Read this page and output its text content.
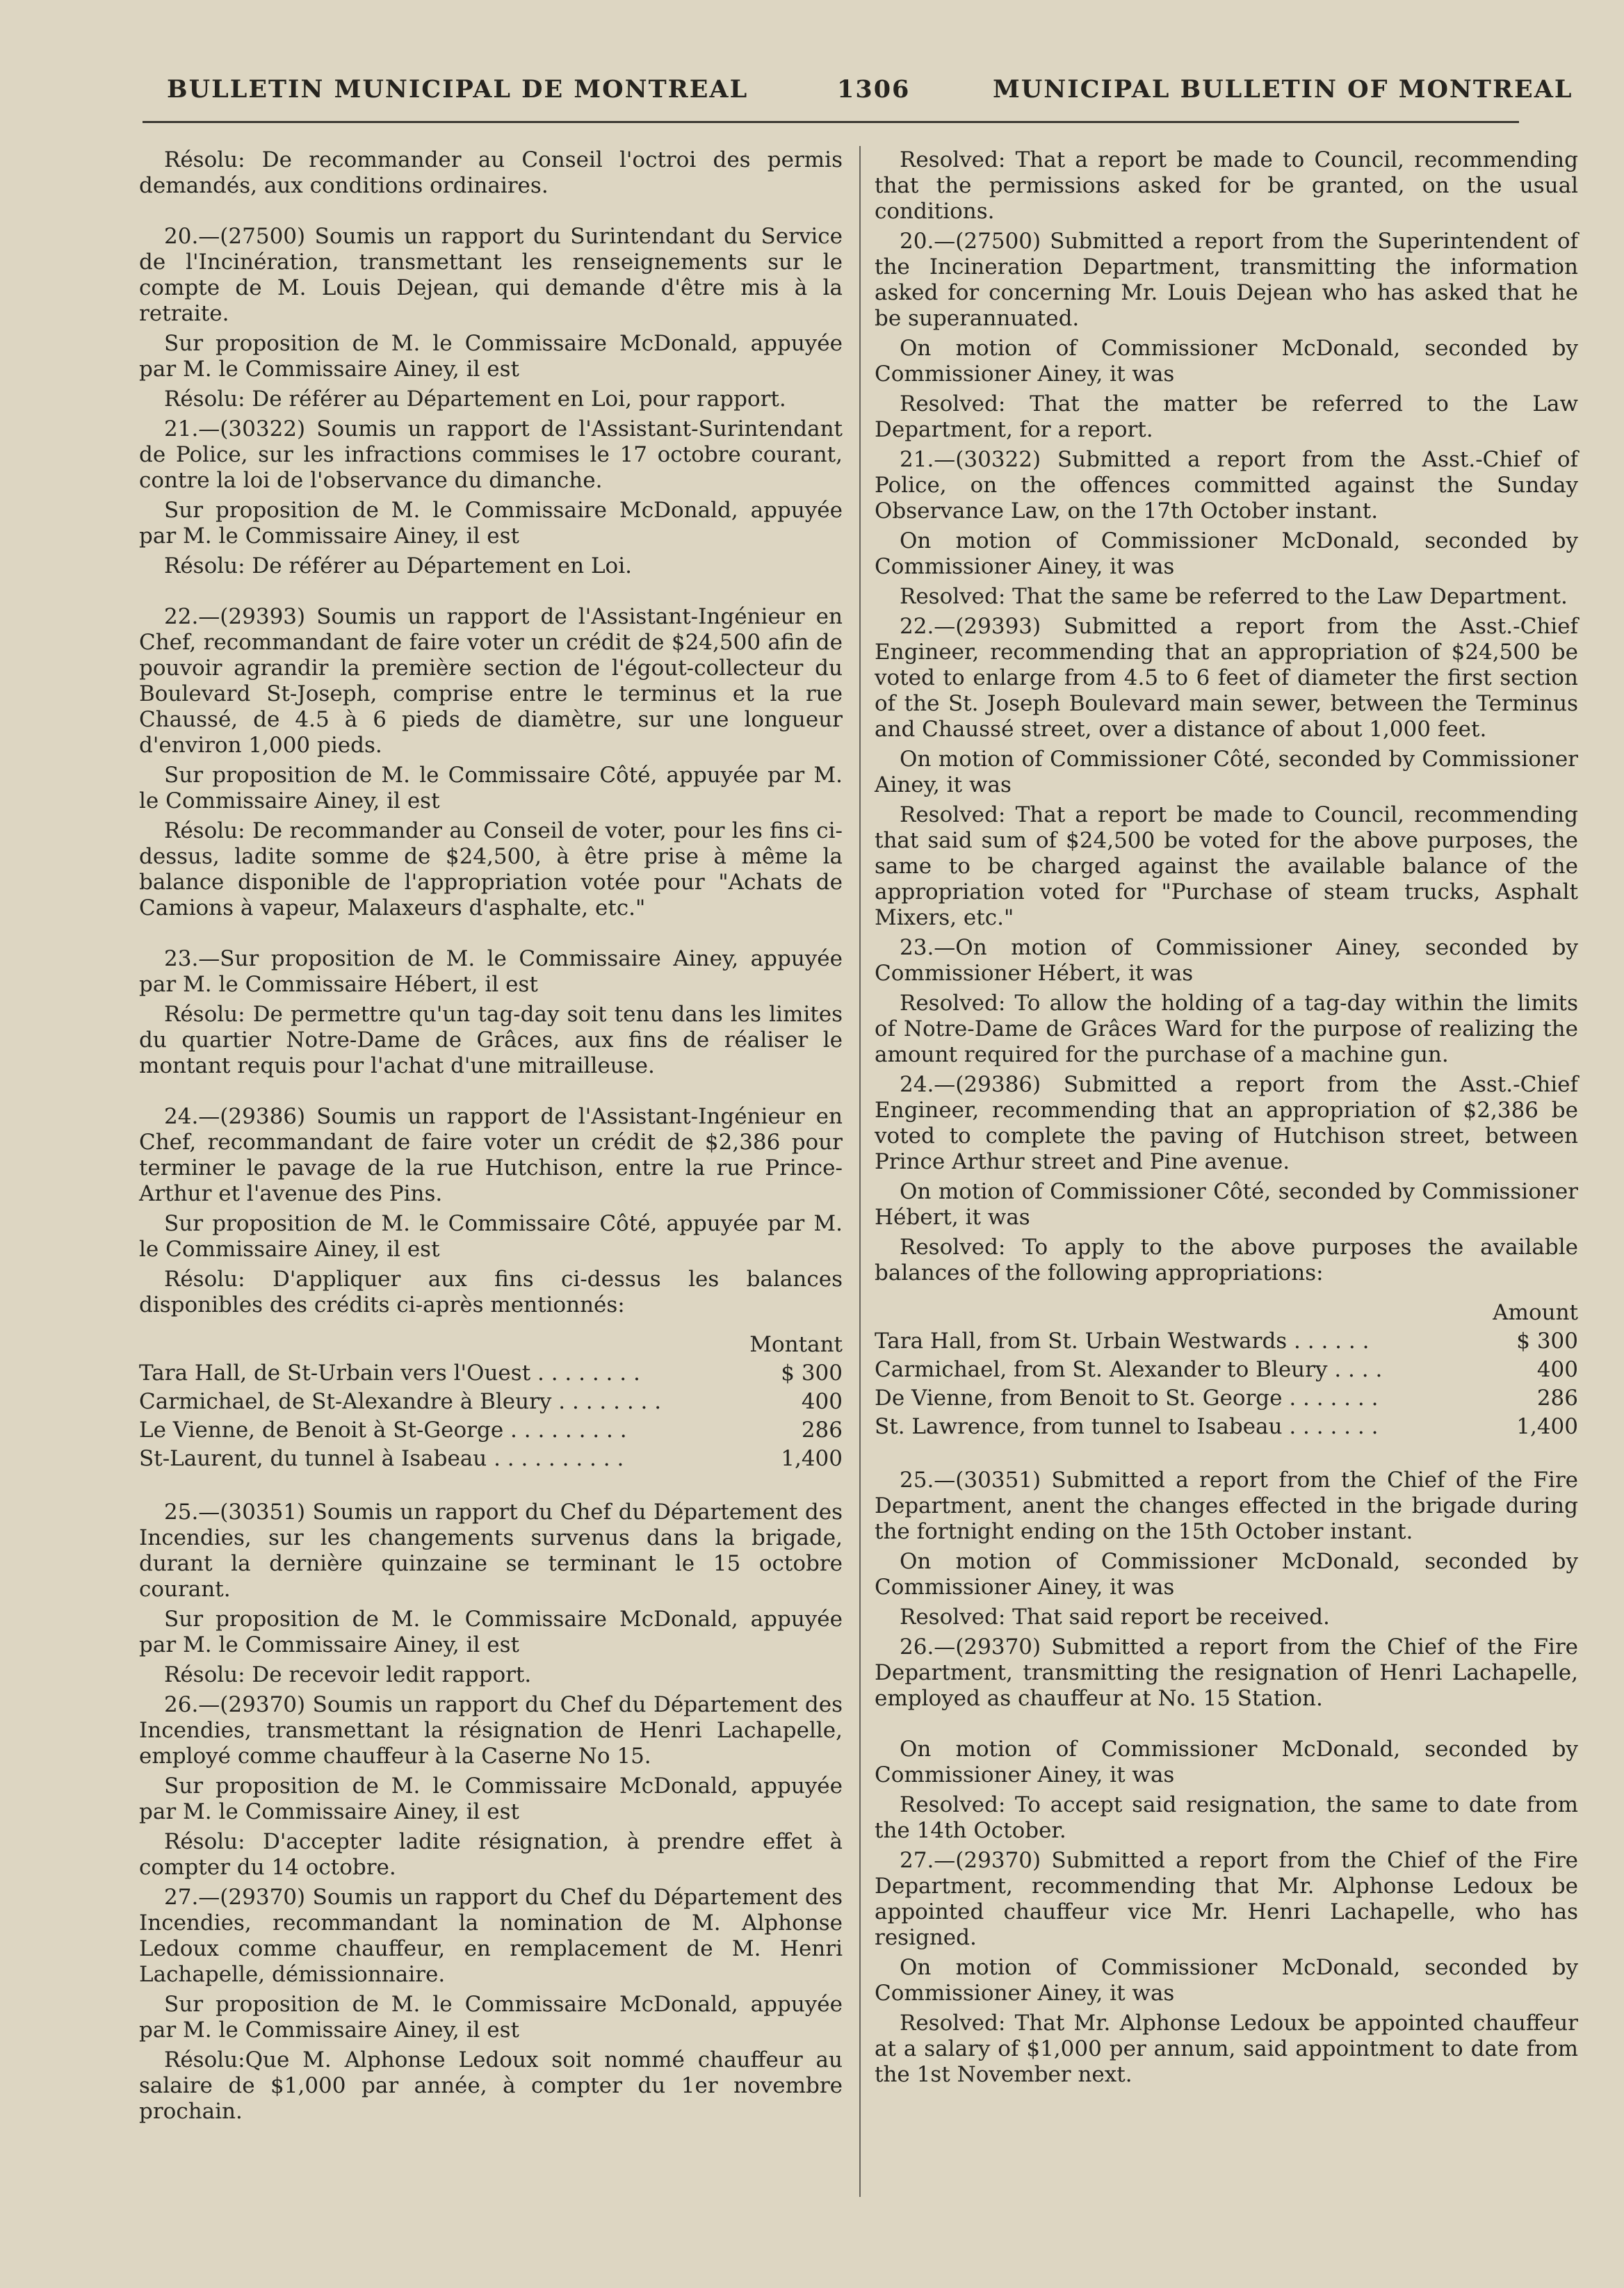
BULLETIN MUNICIPAL DE MONTREAL	1306	MUNICIPAL BULLETIN OF MONTREAL

Résolu: De recommander au Conseil l'octroi des permis demandés, aux conditions ordinaires.

20.—(27500) Soumis un rapport du Surintendant du Service de l'Incinération, transmettant les renseignements sur le compte de M. Louis Dejean, qui demande d'être mis à la retraite.

Sur proposition de M. le Commissaire McDonald, appuyée par M. le Commissaire Ainey, il est

Résolu: De référer au Département en Loi, pour rapport.

21.—(30322) Soumis un rapport de l'Assistant-Surintendant de Police, sur les infractions commises le 17 octobre courant, contre la loi de l'observance du dimanche.

Sur proposition de M. le Commissaire McDonald, appuyée par M. le Commissaire Ainey, il est

Résolu: De référer au Département en Loi.

22.—(29393) Soumis un rapport de l'Assistant-Ingénieur en Chef, recommandant de faire voter un crédit de $24,500 afin de pouvoir agrandir la première section de l'égout-collecteur du Boulevard St-Joseph, comprise entre le terminus et la rue Chaussé, de 4.5 à 6 pieds de diamètre, sur une longueur d'environ 1,000 pieds.

Sur proposition de M. le Commissaire Côté, appuyée par M. le Commissaire Ainey, il est

Résolu: De recommander au Conseil de voter, pour les fins ci-dessus, ladite somme de $24,500, à être prise à même la balance disponible de l'appropriation votée pour "Achats de Camions à vapeur, Malaxeurs d'asphalte, etc."

23.—Sur proposition de M. le Commissaire Ainey, appuyée par M. le Commissaire Hébert, il est

Résolu: De permettre qu'un tag-day soit tenu dans les limites du quartier Notre-Dame de Grâces, aux fins de réaliser le montant requis pour l'achat d'une mitrailleuse.

24.—(29386) Soumis un rapport de l'Assistant-Ingénieur en Chef, recommandant de faire voter un crédit de $2,386 pour terminer le pavage de la rue Hutchison, entre la rue Prince-Arthur et l'avenue des Pins.

Sur proposition de M. le Commissaire Côté, appuyée par M. le Commissaire Ainey, il est

Résolu: D'appliquer aux fins ci-dessus les balances disponibles des crédits ci-après mentionnés:

Montant
Tara Hall, de St-Urbain vers l'Ouest . . . . . . . .	$ 300
Carmichael, de St-Alexandre à Bleury . . . . . . . .	400
Le Vienne, de Benoit à St-George . . . . . . . . .	286
St-Laurent, du tunnel à Isabeau . . . . . . . . . .	1,400

25.—(30351) Soumis un rapport du Chef du Département des Incendies, sur les changements survenus dans la brigade, durant la dernière quinzaine se terminant le 15 octobre courant.

Sur proposition de M. le Commissaire McDonald, appuyée par M. le Commissaire Ainey, il est

Résolu: De recevoir ledit rapport.

26.—(29370) Soumis un rapport du Chef du Département des Incendies, transmettant la résignation de Henri Lachapelle, employé comme chauffeur à la Caserne No 15.

Sur proposition de M. le Commissaire McDonald, appuyée par M. le Commissaire Ainey, il est

Résolu: D'accepter ladite résignation, à prendre effet à compter du 14 octobre.

27.—(29370) Soumis un rapport du Chef du Département des Incendies, recommandant la nomination de M. Alphonse Ledoux comme chauffeur, en remplacement de M. Henri Lachapelle, démissionnaire.

Sur proposition de M. le Commissaire McDonald, appuyée par M. le Commissaire Ainey, il est

Résolu:Que M. Alphonse Ledoux soit nommé chauffeur au salaire de $1,000 par année, à compter du 1er novembre prochain.

Resolved: That a report be made to Council, recommending that the permissions asked for be granted, on the usual conditions.

20.—(27500) Submitted a report from the Superintendent of the Incineration Department, transmitting the information asked for concerning Mr. Louis Dejean who has asked that he be superannuated.

On motion of Commissioner McDonald, seconded by Commissioner Ainey, it was

Resolved: That the matter be referred to the Law Department, for a report.

21.—(30322) Submitted a report from the Asst.-Chief of Police, on the offences committed against the Sunday Observance Law, on the 17th October instant.

On motion of Commissioner McDonald, seconded by Commissioner Ainey, it was

Resolved: That the same be referred to the Law Department.

22.—(29393) Submitted a report from the Asst.-Chief Engineer, recommending that an appropriation of $24,500 be voted to enlarge from 4.5 to 6 feet of diameter the first section of the St. Joseph Boulevard main sewer, between the Terminus and Chaussé street, over a distance of about 1,000 feet.

On motion of Commissioner Côté, seconded by Commissioner Ainey, it was

Resolved: That a report be made to Council, recommending that said sum of $24,500 be voted for the above purposes, the same to be charged against the available balance of the appropriation voted for "Purchase of steam trucks, Asphalt Mixers, etc."

23.—On motion of Commissioner Ainey, seconded by Commissioner Hébert, it was

Resolved: To allow the holding of a tag-day within the limits of Notre-Dame de Grâces Ward for the purpose of realizing the amount required for the purchase of a machine gun.

24.—(29386) Submitted a report from the Asst.-Chief Engineer, recommending that an appropriation of $2,386 be voted to complete the paving of Hutchison street, between Prince Arthur street and Pine avenue.

On motion of Commissioner Côté, seconded by Commissioner Hébert, it was

Resolved: To apply to the above purposes the available balances of the following appropriations:

Amount
Tara Hall, from St. Urbain Westwards . . . . . .	$ 300
Carmichael, from St. Alexander to Bleury . . . .	400
De Vienne, from Benoit to St. George . . . . . . .	286
St. Lawrence, from tunnel to Isabeau . . . . . . .	1,400

25.—(30351) Submitted a report from the Chief of the Fire Department, anent the changes effected in the brigade during the fortnight ending on the 15th October instant.

On motion of Commissioner McDonald, seconded by Commissioner Ainey, it was

Resolved: That said report be received.

26.—(29370) Submitted a report from the Chief of the Fire Department, transmitting the resignation of Henri Lachapelle, employed as chauffeur at No. 15 Station.

On motion of Commissioner McDonald, seconded by Commissioner Ainey, it was

Resolved: To accept said resignation, the same to date from the 14th October.

27.—(29370) Submitted a report from the Chief of the Fire Department, recommending that Mr. Alphonse Ledoux be appointed chauffeur vice Mr. Henri Lachapelle, who has resigned.

On motion of Commissioner McDonald, seconded by Commissioner Ainey, it was

Resolved: That Mr. Alphonse Ledoux be appointed chauffeur at a salary of $1,000 per annum, said appointment to date from the 1st November next.
